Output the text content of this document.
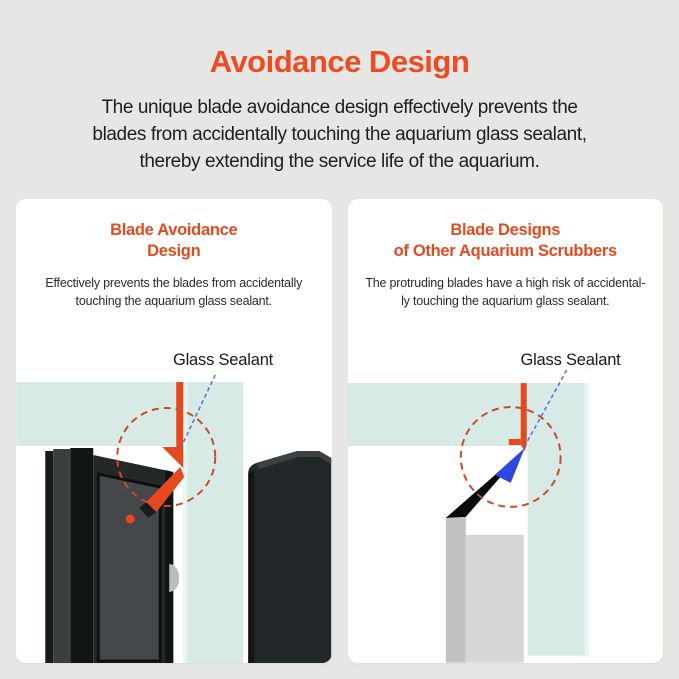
Avoidance Design
The unique blade avoidance design effectively prevents the
blades from accidentally touching the aquarium glass sealant,
thereby extending the service life of the aquarium.
Blade Avoidance
Design
Effectively prevents the blades from accidentally
touching the aquarium glass sealant.
Glass Sealant
Blade Designs
of Other Aquarium Scrubbers
The protruding blades have a high risk of accidental-
ly touching the aquarium glass sealant.
Glass Sealant
